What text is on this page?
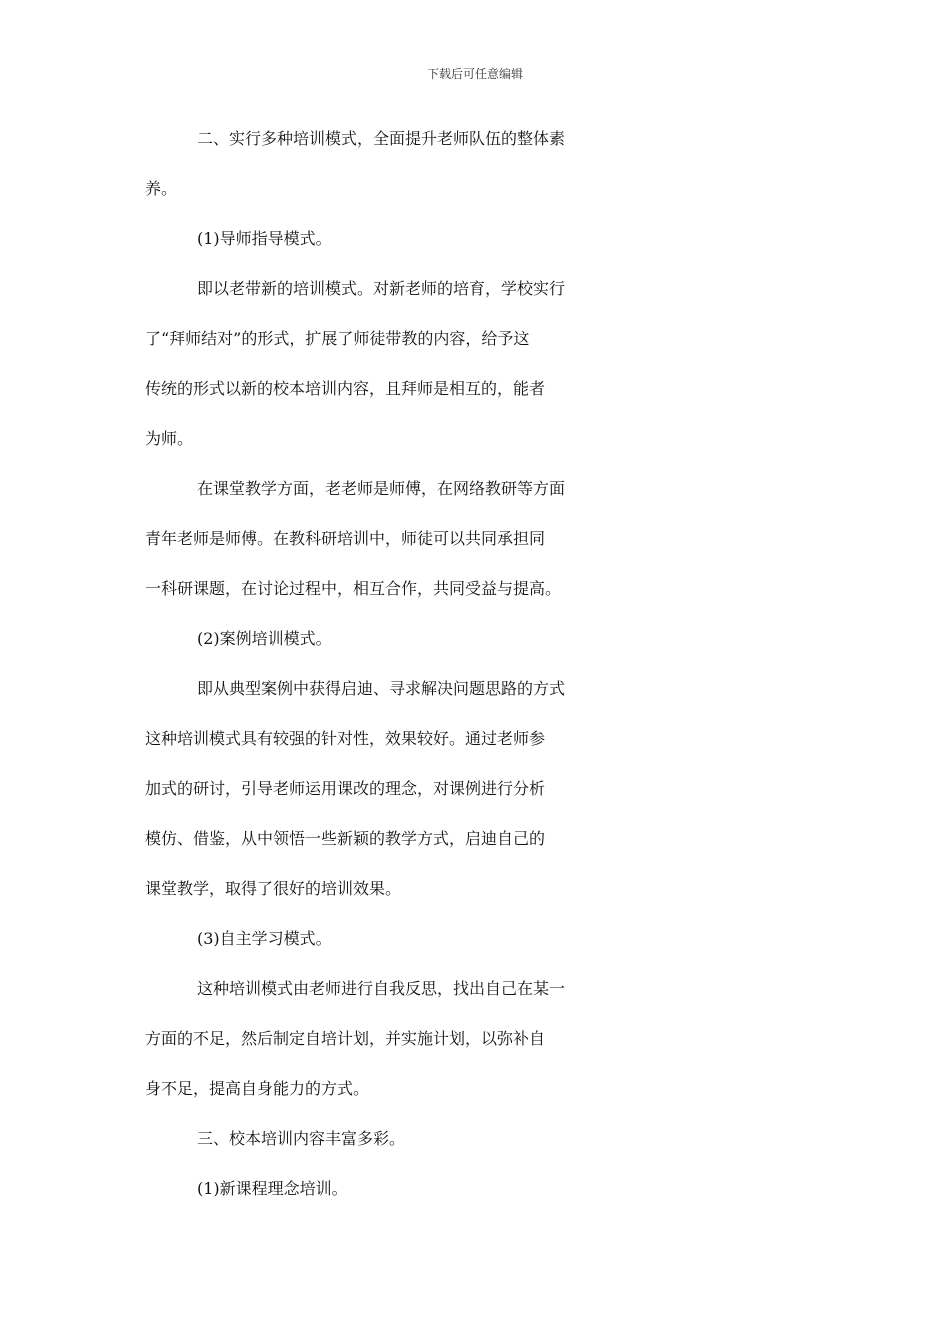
下载后可任意编辑
二、实行多种培训模式，全面提升老师队伍的整体素
养。
(1)导师指导模式。
即以老带新的培训模式。对新老师的培育，学校实行
了“拜师结对”的形式，扩展了师徒带教的内容，给予这
传统的形式以新的校本培训内容，且拜师是相互的，能者
为师。
在课堂教学方面，老老师是师傅，在网络教研等方面
青年老师是师傅。在教科研培训中，师徒可以共同承担同
一科研课题，在讨论过程中，相互合作，共同受益与提高。
(2)案例培训模式。
即从典型案例中获得启迪、寻求解决问题思路的方式
这种培训模式具有较强的针对性，效果较好。通过老师参
加式的研讨，引导老师运用课改的理念，对课例进行分析
模仿、借鉴，从中领悟一些新颖的教学方式，启迪自己的
课堂教学，取得了很好的培训效果。
(3)自主学习模式。
这种培训模式由老师进行自我反思，找出自己在某一
方面的不足，然后制定自培计划，并实施计划，以弥补自
身不足，提高自身能力的方式。
三、校本培训内容丰富多彩。
(1)新课程理念培训。
